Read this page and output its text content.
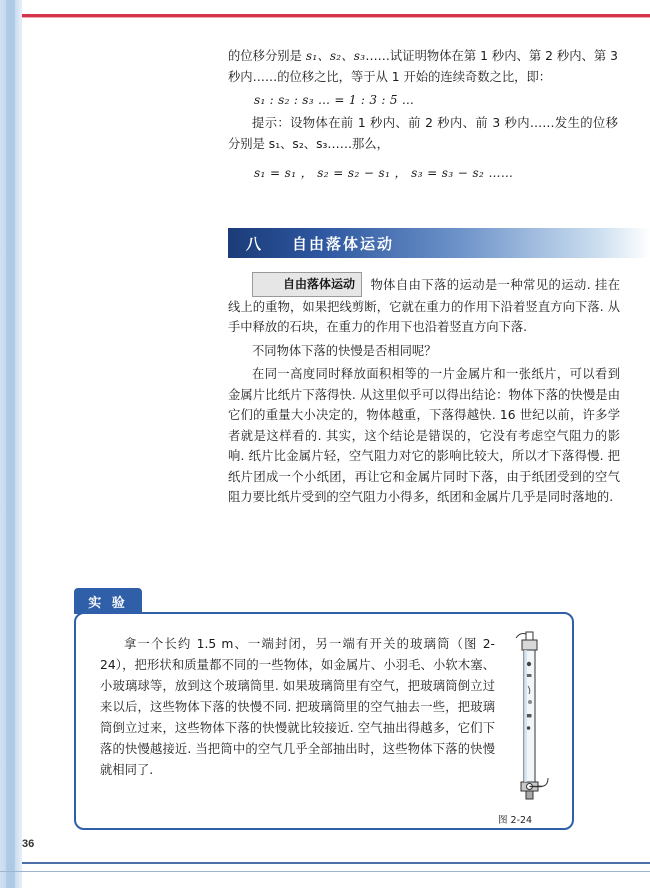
的位移分别是 s₁、s₂、s₃……试证明物体在第 1 秒内、第 2 秒内、第 3 秒内……的位移之比，等于从 1 开始的连续奇数之比，即：

s₁ : s₂ : s₃ … = 1 : 3 : 5 …

提示：设物体在前 1 秒内、前 2 秒内、前 3 秒内……发生的位移分别是 s₁、s₂、s₃……那么，

s₁ = s₁ ， s₂ = s₂ − s₁ ， s₃ = s₃ − s₂ ……
八 自由落体运动

自由落体运动 物体自由下落的运动是一种常见的运动. 挂在线上的重物，如果把线剪断，它就在重力的作用下沿着竖直方向下落. 从手中释放的石块，在重力的作用下也沿着竖直方向下落.

不同物体下落的快慢是否相同呢？

在同一高度同时释放面积相等的一片金属片和一张纸片，可以看到金属片比纸片下落得快. 从这里似乎可以得出结论：物体下落的快慢是由它们的重量大小决定的，物体越重，下落得越快. 16 世纪以前，许多学者就是这样看的. 其实，这个结论是错误的，它没有考虑空气阻力的影响. 纸片比金属片轻，空气阻力对它的影响比较大，所以才下落得慢. 把纸片团成一个小纸团，再让它和金属片同时下落，由于纸团受到的空气阻力要比纸片受到的空气阻力小得多，纸团和金属片几乎是同时落地的.

实 验

拿一个长约 1.5 m、一端封闭，另一端有开关的玻璃筒（图 2-24），把形状和质量都不同的一些物体，如金属片、小羽毛、小软木塞、小玻璃球等，放到这个玻璃筒里. 如果玻璃筒里有空气，把玻璃筒倒立过来以后，这些物体下落的快慢不同. 把玻璃筒里的空气抽去一些，把玻璃筒倒立过来，这些物体下落的快慢就比较接近. 空气抽出得越多，它们下落的快慢越接近. 当把筒中的空气几乎全部抽出时，这些物体下落的快慢就相同了.

图 2-24
36
